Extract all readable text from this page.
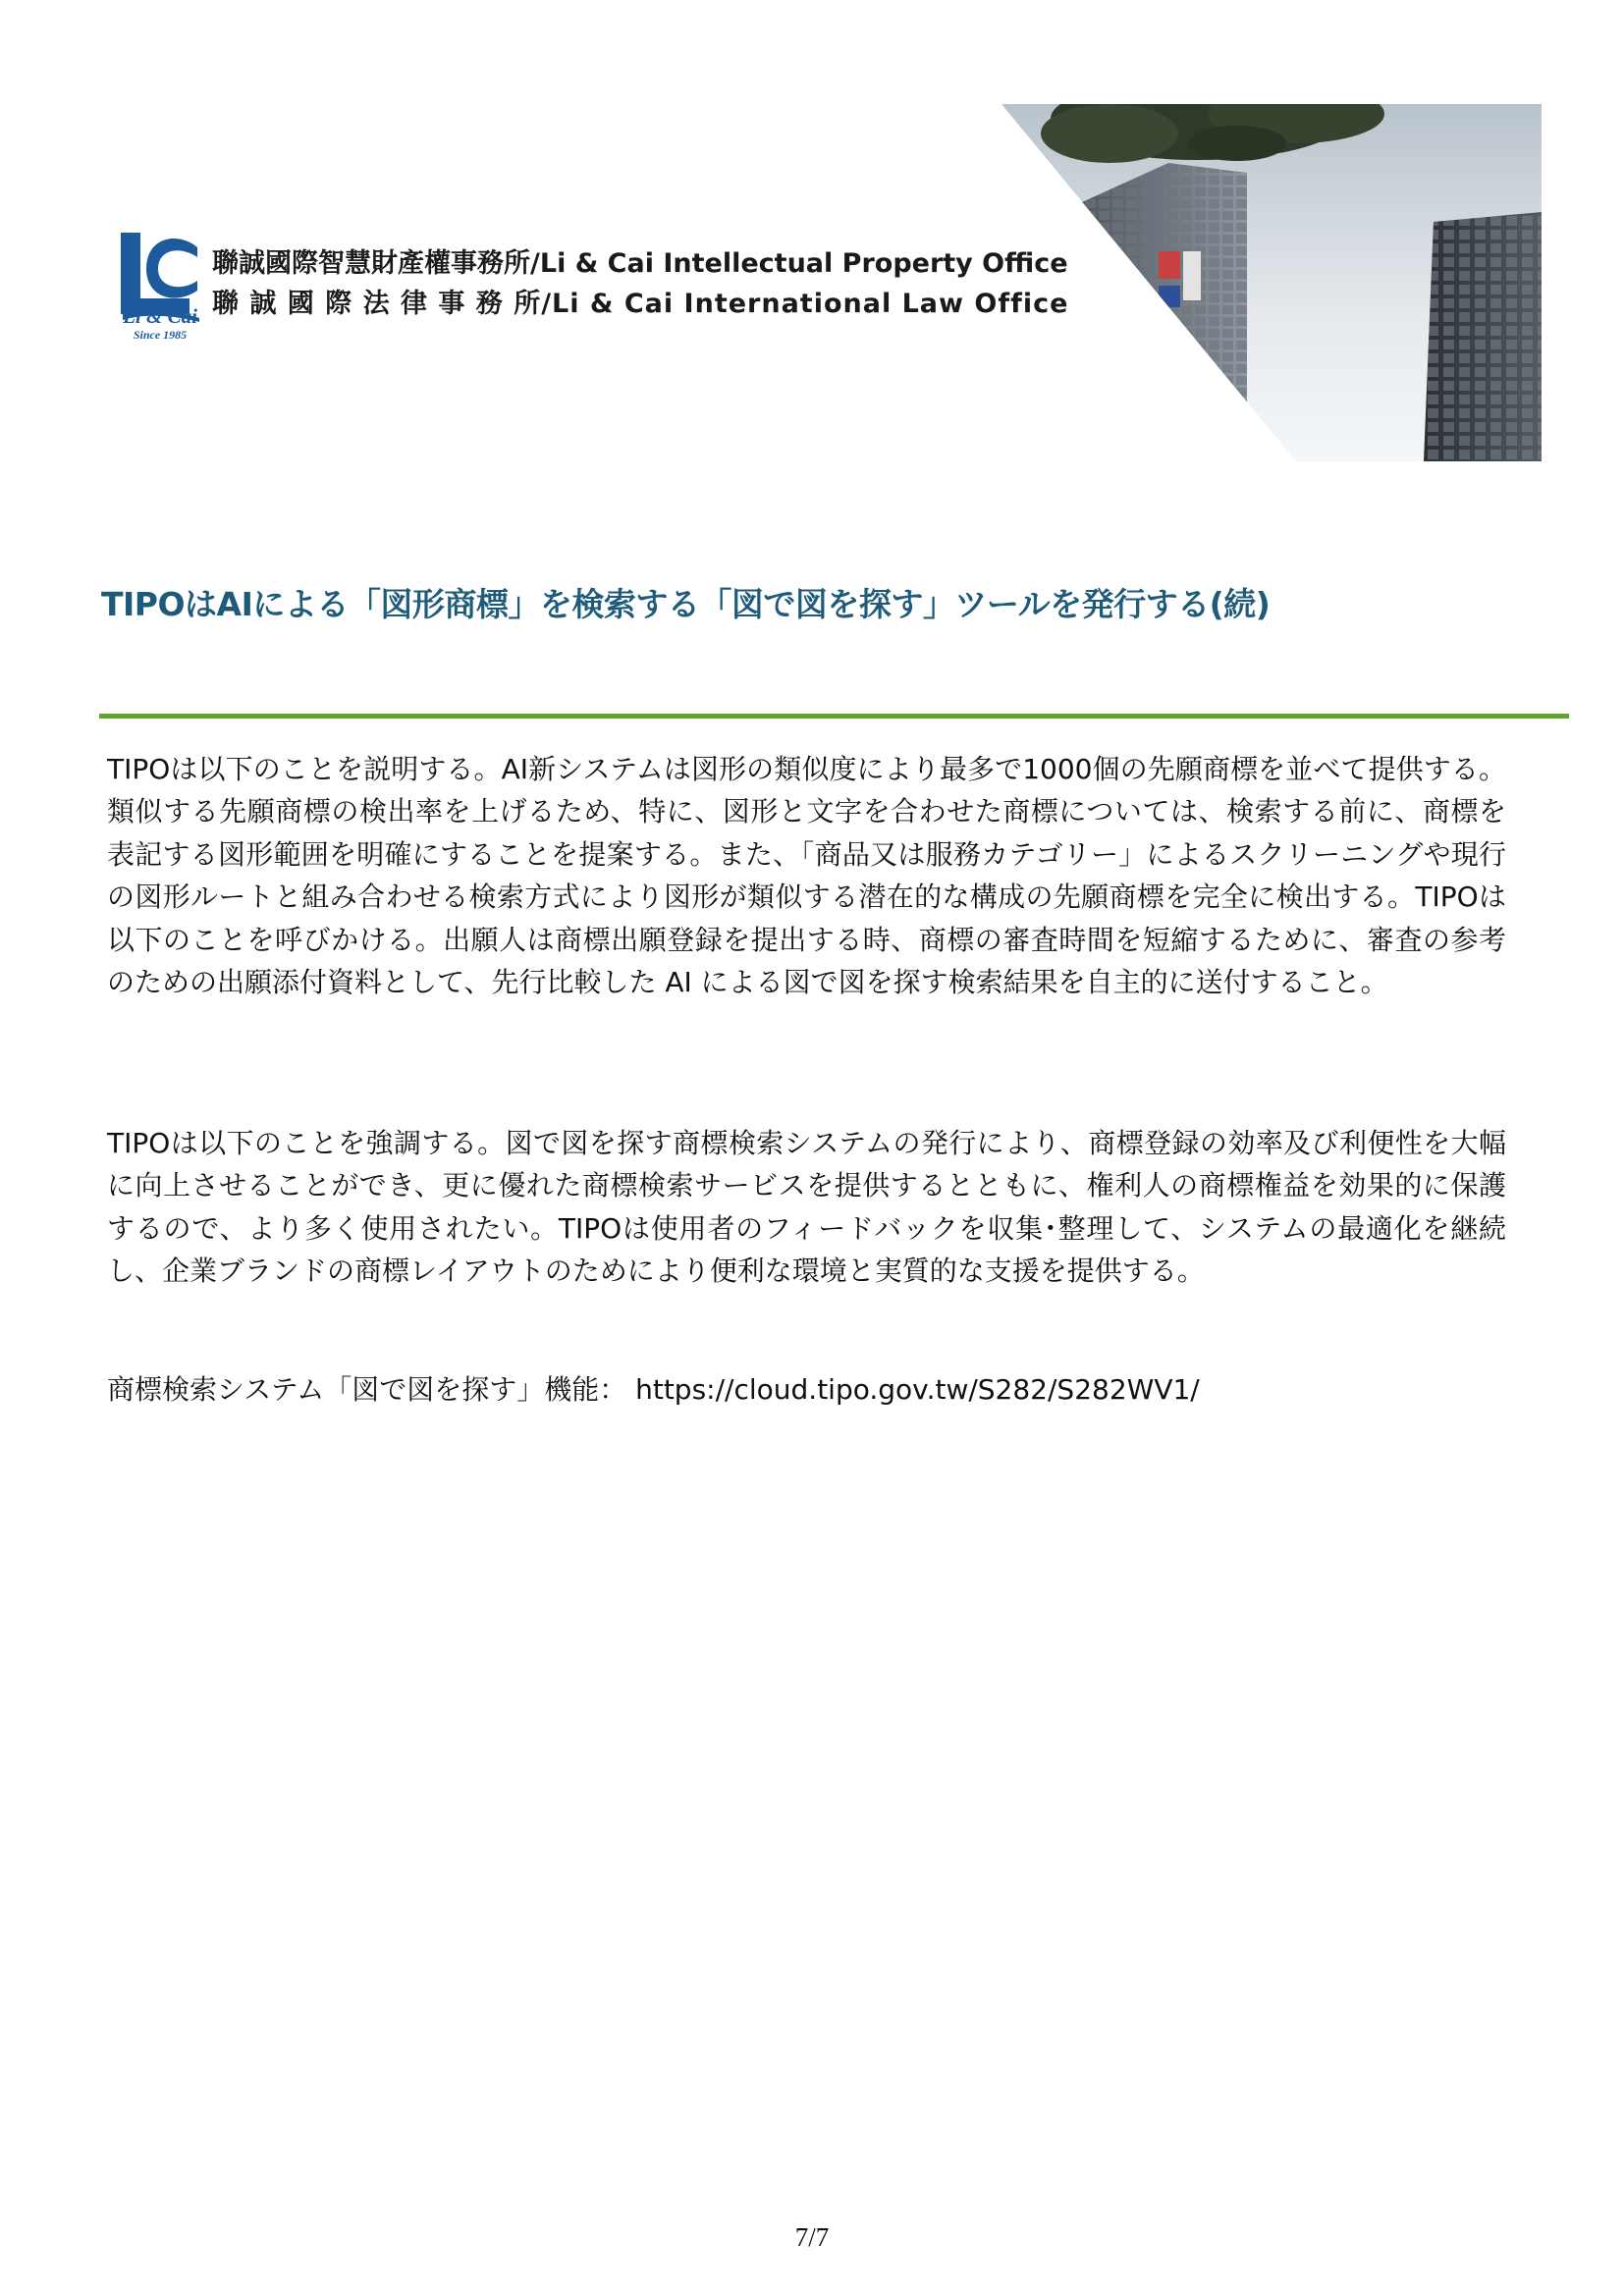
Li & Cai
Since 1985
聯誠國際智慧財產權事務所/Li & Cai Intellectual Property Office
聯 誠 國 際 法 律 事 務 所/Li & Cai International Law Office
TIPOはAIによる「図形商標」を検索する「図で図を探す」ツールを発行する(続)

TIPOは以下のことを説明する。AI新システムは図形の類似度により最多で1000個の先願商標を並べて提供する。類似する先願商標の検出率を上げるため、特に、図形と文字を合わせた商標については、検索する前に、商標を表記する図形範囲を明確にすることを提案する。また、「商品又は服務カテゴリー」によるスクリーニングや現行の図形ルートと組み合わせる検索方式により図形が類似する潜在的な構成の先願商標を完全に検出する。TIPOは以下のことを呼びかける。出願人は商標出願登録を提出する時、商標の審査時間を短縮するために、審査の参考のための出願添付資料として、先行比較した AI による図で図を探す検索結果を自主的に送付すること。

TIPOは以下のことを強調する。図で図を探す商標検索システムの発行により、商標登録の効率及び利便性を大幅に向上させることができ、更に優れた商標検索サービスを提供するとともに、権利人の商標権益を効果的に保護するので、より多く使用されたい。TIPOは使用者のフィードバックを収集･整理して、システムの最適化を継続し、企業ブランドの商標レイアウトのためにより便利な環境と実質的な支援を提供する。

商標検索システム「図で図を探す」機能： https://cloud.tipo.gov.tw/S282/S282WV1/

7/7
